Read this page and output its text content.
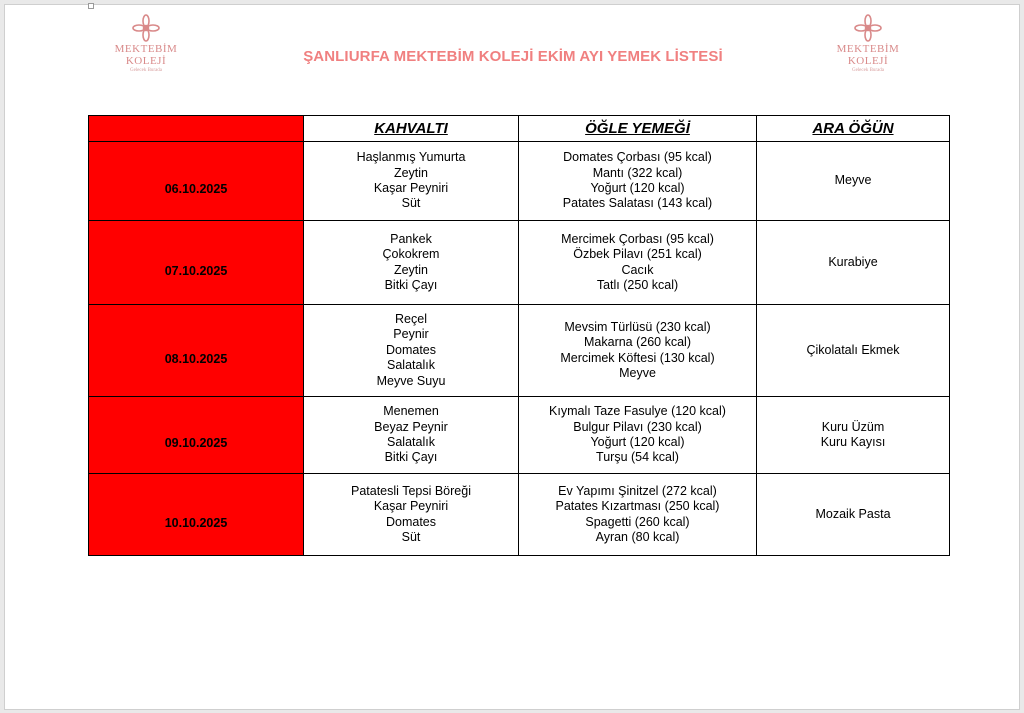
MEKTEBİM
KOLEJİ
Gelecek Burada
ŞANLIURFA MEKTEBİM KOLEJİ EKİM AYI YEMEK LİSTESİ	MEKTEBİM
KOLEJİ
Gelecek Burada
	KAHVALTI	ÖĞLE YEMEĞİ	ARA ÖĞÜN
06.10.2025	Haşlanmış Yumurta
Zeytin
Kaşar Peyniri
Süt	Domates Çorbası (95 kcal)
Mantı (322 kcal)
Yoğurt (120 kcal)
Patates Salatası (143 kcal)	Meyve

07.10.2025	Pankek
Çokokrem
Zeytin
Bitki Çayı	Mercimek Çorbası (95 kcal)
Özbek Pilavı (251 kcal)
Cacık
Tatlı (250 kcal)	Kurabiye

08.10.2025	Reçel
Peynir
Domates
Salatalık
Meyve Suyu	Mevsim Türlüsü (230 kcal)
Makarna (260 kcal)
Mercimek Köftesi (130 kcal)
Meyve	Çikolatalı Ekmek

09.10.2025	Menemen
Beyaz Peynir
Salatalık
Bitki Çayı	Kıymalı Taze Fasulye (120 kcal)
Bulgur Pilavı (230 kcal)
Yoğurt (120 kcal)
Turşu (54 kcal)	Kuru Üzüm
Kuru Kayısı

10.10.2025	Patatesli Tepsi Böreği
Kaşar Peyniri
Domates
Süt	Ev Yapımı Şinitzel (272 kcal)
Patates Kızartması (250 kcal)
Spagetti (260 kcal)
Ayran (80 kcal)	Mozaik Pasta
